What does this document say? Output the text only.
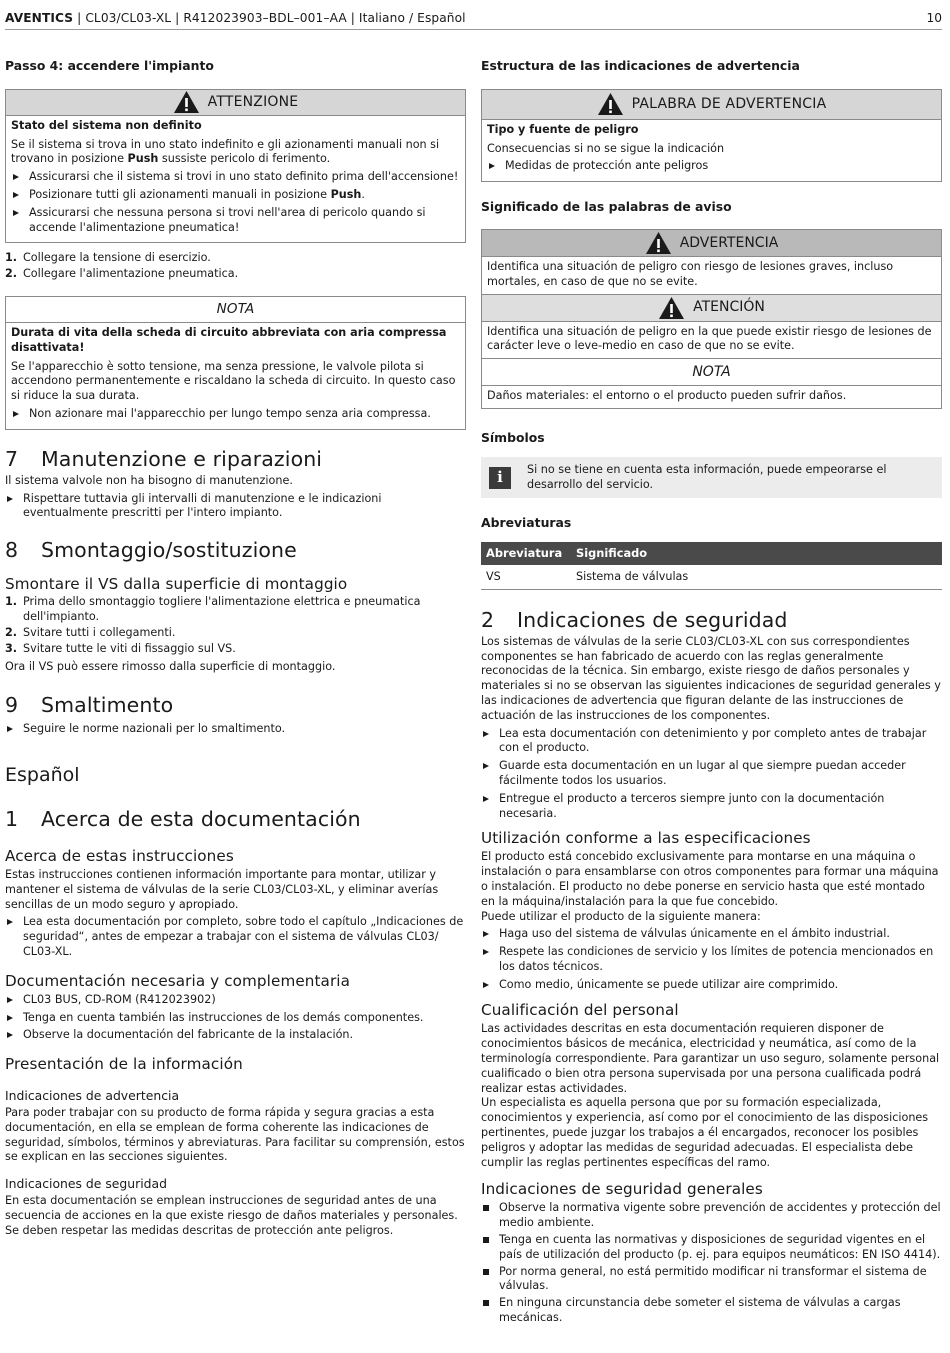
AVENTICS | CL03/CL03-XL | R412023903–BDL–001–AA | Italiano / Español	10

Passo 4: accendere l'impianto

ATTENZIONE

Stato del sistema non definito

Se il sistema si trova in uno stato indefinito e gli azionamenti manuali non si trovano in posizione Push sussiste pericolo di ferimento.

Assicurarsi che il sistema si trovi in uno stato definito prima dell'accensione!
Posizionare tutti gli azionamenti manuali in posizione Push.
Assicurarsi che nessuna persona si trovi nell'area di pericolo quando si accende l'alimentazione pneumatica!
1. Collegare la tensione di esercizio.
2. Collegare l'alimentazione pneumatica.
NOTA

Durata di vita della scheda di circuito abbreviata con aria compressa disattivata!

Se l'apparecchio è sotto tensione, ma senza pressione, le valvole pilota si accendono permanentemente e riscaldano la scheda di circuito. In questo caso si riduce la sua durata.

Non azionare mai l'apparecchio per lungo tempo senza aria compressa.
7 Manutenzione e riparazioni

Il sistema valvole non ha bisogno di manutenzione.

Rispettare tuttavia gli intervalli di manutenzione e le indicazioni eventualmente prescritti per l'intero impianto.
8 Smontaggio/sostituzione
Smontare il VS dalla superficie di montaggio
1. Prima dello smontaggio togliere l'alimentazione elettrica e pneumatica dell'impianto.
2. Svitare tutti i collegamenti.
3. Svitare tutte le viti di fissaggio sul VS.

Ora il VS può essere rimosso dalla superficie di montaggio.

9 Smaltimento
Seguire le norme nazionali per lo smaltimento.

Español

1 Acerca de esta documentación
Acerca de estas instrucciones

Estas instrucciones contienen información importante para montar, utilizar y mantener el sistema de válvulas de la serie CL03/CL03-XL, y eliminar averías sencillas de un modo seguro y apropiado.

Lea esta documentación por completo, sobre todo el capítulo „Indicaciones de seguridad“, antes de empezar a trabajar con el sistema de válvulas CL03/ CL03-XL.
Documentación necesaria y complementaria
CL03 BUS, CD-ROM (R412023902)
Tenga en cuenta también las instrucciones de los demás componentes.
Observe la documentación del fabricante de la instalación.
Presentación de la información
Indicaciones de advertencia

Para poder trabajar con su producto de forma rápida y segura gracias a esta documentación, en ella se emplean de forma coherente las indicaciones de seguridad, símbolos, términos y abreviaturas. Para facilitar su comprensión, estos se explican en las secciones siguientes.

Indicaciones de seguridad

En esta documentación se emplean instrucciones de seguridad antes de una secuencia de acciones en la que existe riesgo de daños materiales y personales. Se deben respetar las medidas descritas de protección ante peligros.

Estructura de las indicaciones de advertencia

PALABRA DE ADVERTENCIA

Tipo y fuente de peligro

Consecuencias si no se sigue la indicación

Medidas de protección ante peligros

Significado de las palabras de aviso

ADVERTENCIA
Identifica una situación de peligro con riesgo de lesiones graves, incluso mortales, en caso de que no se evite.
ATENCIÓN
Identifica una situación de peligro en la que puede existir riesgo de lesiones de carácter leve o leve-medio en caso de que no se evite.
NOTA
Daños materiales: el entorno o el producto pueden sufrir daños.

Símbolos

i	Si no se tiene en cuenta esta información, puede empeorarse el desarrollo del servicio.

Abreviaturas

Abreviatura	Significado
VS	Sistema de válvulas
2 Indicaciones de seguridad

Los sistemas de válvulas de la serie CL03/CL03-XL con sus correspondientes componentes se han fabricado de acuerdo con las reglas generalmente reconocidas de la técnica. Sin embargo, existe riesgo de daños personales y materiales si no se observan las siguientes indicaciones de seguridad generales y las indicaciones de advertencia que figuran delante de las instrucciones de actuación de las instrucciones de los componentes.

Lea esta documentación con detenimiento y por completo antes de trabajar con el producto.
Guarde esta documentación en un lugar al que siempre puedan acceder fácilmente todos los usuarios.
Entregue el producto a terceros siempre junto con la documentación necesaria.
Utilización conforme a las especificaciones

El producto está concebido exclusivamente para montarse en una máquina o instalación o para ensamblarse con otros componentes para formar una máquina o instalación. El producto no debe ponerse en servicio hasta que esté montado en la máquina/instalación para la que fue concebido.

Puede utilizar el producto de la siguiente manera:

Haga uso del sistema de válvulas únicamente en el ámbito industrial.
Respete las condiciones de servicio y los límites de potencia mencionados en los datos técnicos.
Como medio, únicamente se puede utilizar aire comprimido.
Cualificación del personal

Las actividades descritas en esta documentación requieren disponer de conocimientos básicos de mecánica, electricidad y neumática, así como de la terminología correspondiente. Para garantizar un uso seguro, solamente personal cualificado o bien otra persona supervisada por una persona cualificada podrá realizar estas actividades.

Un especialista es aquella persona que por su formación especializada, conocimientos y experiencia, así como por el conocimiento de las disposiciones pertinentes, puede juzgar los trabajos a él encargados, reconocer los posibles peligros y adoptar las medidas de seguridad adecuadas. El especialista debe cumplir las reglas pertinentes específicas del ramo.

Indicaciones de seguridad generales
Observe la normativa vigente sobre prevención de accidentes y protección del medio ambiente.
Tenga en cuenta las normativas y disposiciones de seguridad vigentes en el país de utilización del producto (p. ej. para equipos neumáticos: EN ISO 4414).
Por norma general, no está permitido modificar ni transformar el sistema de válvulas.
En ninguna circunstancia debe someter el sistema de válvulas a cargas mecánicas.
